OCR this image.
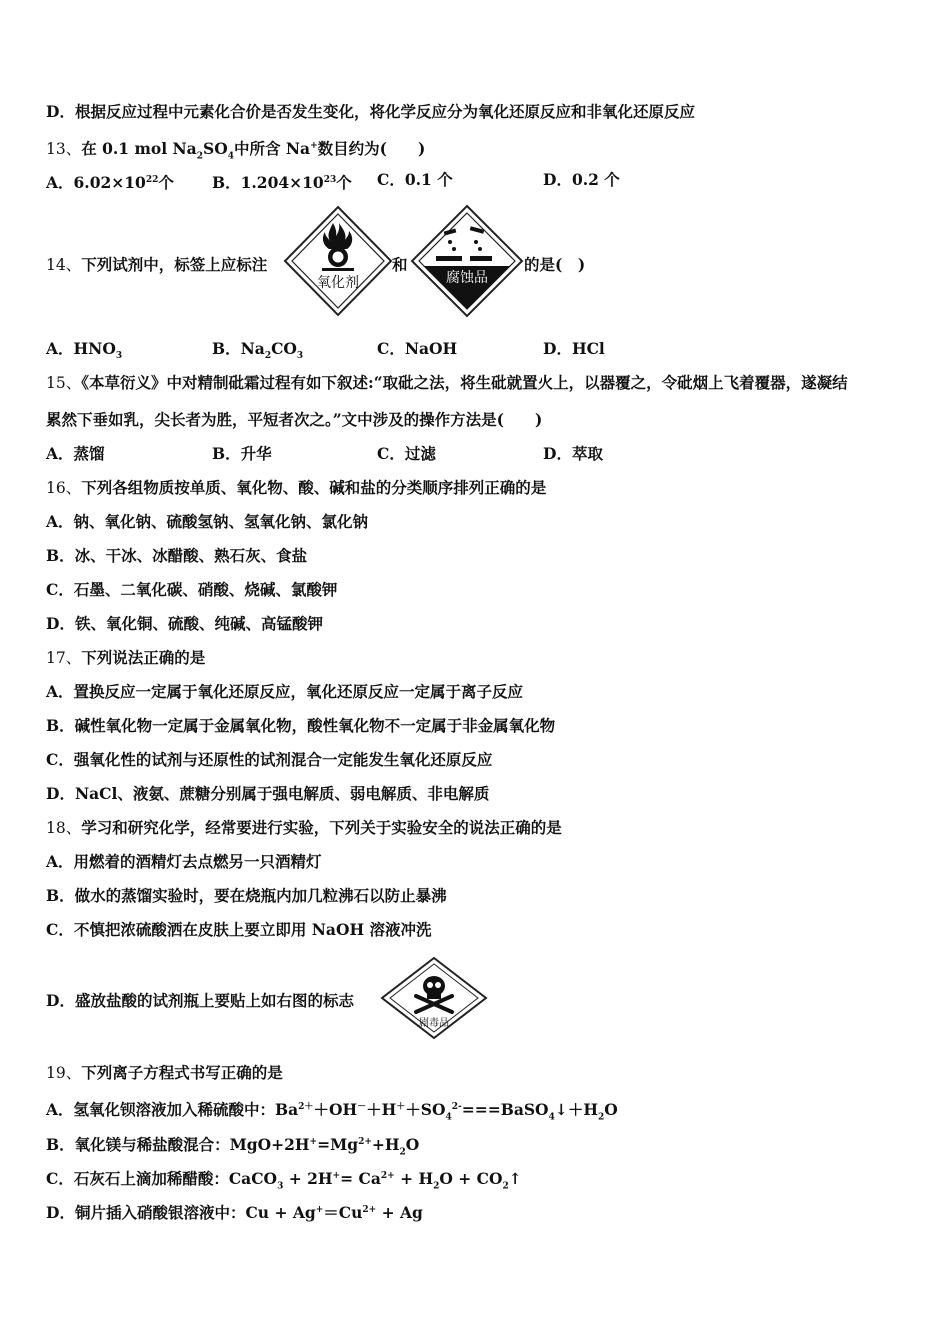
D．根据反应过程中元素化合价是否发生变化，将化学反应分为氧化还原反应和非氧化还原反应
13、在 0.1 mol $Na_2SO_4$中所含 Na+数目约为(　　)
A．$6.02\times 10^{22}$个 B．$1.204\times 10^{23}$个 C．0.1 个	D．0.2 个
14、下列试剂中，标签上应标注
氧化剂
和
腐蚀品
的是(　)
A．$HNO_3$	B．$Na_2CO_3$	C．NaOH	D．HCl
15、《本草衍义》中对精制砒霜过程有如下叙述:“取砒之法，将生砒就置火上，以器覆之，令砒烟上飞着覆器，遂凝结
累然下垂如乳，尖长者为胜，平短者次之。”文中涉及的操作方法是(　　)
A．蒸馏	B．升华	C．过滤	D．萃取
16、下列各组物质按单质、氧化物、酸、碱和盐的分类顺序排列正确的是
A．钠、氧化钠、硫酸氢钠、氢氧化钠、氯化钠
B．冰、干冰、冰醋酸、熟石灰、食盐
C．石墨、二氧化碳、硝酸、烧碱、氯酸钾
D．铁、氧化铜、硫酸、纯碱、高锰酸钾
17、下列说法正确的是
A．置换反应一定属于氧化还原反应，氧化还原反应一定属于离子反应
B．碱性氧化物一定属于金属氧化物，酸性氧化物不一定属于非金属氧化物
C．强氧化性的试剂与还原性的试剂混合一定能发生氧化还原反应
D．NaCl、液氨、蔗糖分别属于强电解质、弱电解质、非电解质
18、学习和研究化学，经常要进行实验，下列关于实验安全的说法正确的是
A．用燃着的酒精灯去点燃另一只酒精灯
B．做水的蒸馏实验时，要在烧瓶内加几粒沸石以防止暴沸
C．不慎把浓硫酸洒在皮肤上要立即用 NaOH 溶液冲洗
D．盛放盐酸的试剂瓶上要贴上如右图的标志
剧毒品
19、下列离子方程式书写正确的是
A．氢氧化钡溶液加入稀硫酸中：$Ba^{2+}+OH^-+H^++SO_4^{2-}===BaSO_4↓+H_2O$
B．氧化镁与稀盐酸混合：$MgO+2H^+=Mg^{2+}+H_2O$
C．石灰石上滴加稀醋酸：CaCO$_3$ + $2H^+= Ca^{2+} + H_2O$ + $CO_2↑$
D．铜片插入硝酸银溶液中：$Cu + Ag^+=Cu^{2+} + Ag$
